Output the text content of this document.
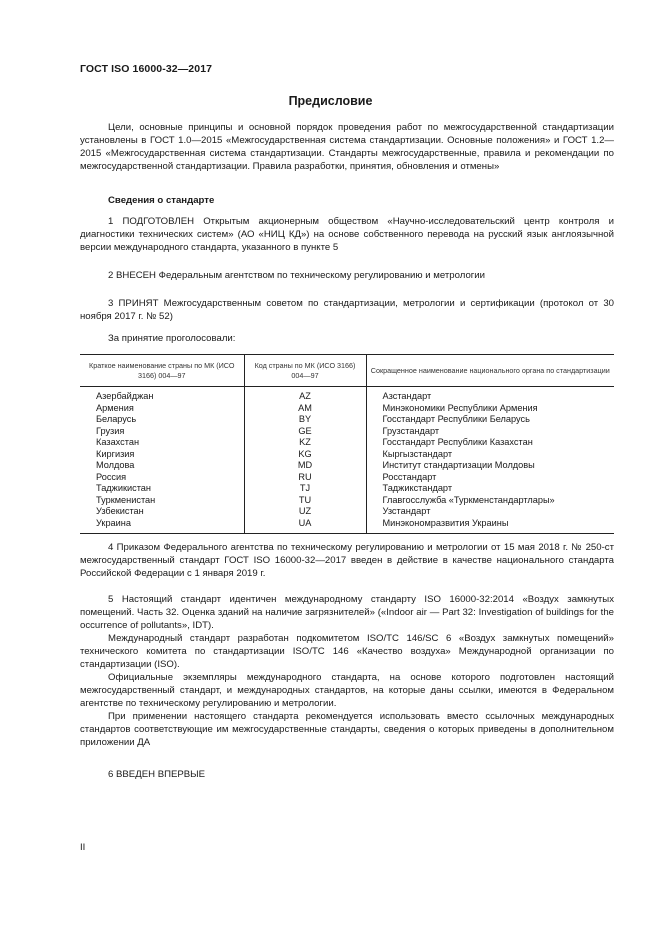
ГОСТ ISO 16000-32—2017
Предисловие
Цели, основные принципы и основной порядок проведения работ по межгосударственной стандартизации установлены в ГОСТ 1.0—2015 «Межгосударственная система стандартизации. Основные положения» и ГОСТ 1.2—2015 «Межгосударственная система стандартизации. Стандарты межгосударственные, правила и рекомендации по межгосударственной стандартизации. Правила разработки, принятия, обновления и отмены»
Сведения о стандарте
1 ПОДГОТОВЛЕН Открытым акционерным обществом «Научно-исследовательский центр контроля и диагностики технических систем» (АО «НИЦ КД») на основе собственного перевода на русский язык англоязычной версии международного стандарта, указанного в пункте 5
2 ВНЕСЕН Федеральным агентством по техническому регулированию и метрологии
3 ПРИНЯТ Межгосударственным советом по стандартизации, метрологии и сертификации (протокол от 30 ноября 2017 г. № 52)
За принятие проголосовали:
Краткое наименование страны по МК (ИСО 3166) 004—97	Код страны по МК (ИСО 3166) 004—97	Сокращенное наименование национального органа по стандартизации
Азербайджан	AZ	Азстандарт
Армения	AM	Минэкономики Республики Армения
Беларусь	BY	Госстандарт Республики Беларусь
Грузия	GE	Грузстандарт
Казахстан	KZ	Госстандарт Республики Казахстан
Киргизия	KG	Кыргызстандарт
Молдова	MD	Институт стандартизации Молдовы
Россия	RU	Росстандарт
Таджикистан	TJ	Таджикстандарт
Туркменистан	TU	Главгосслужба «Туркменстандартлары»
Узбекистан	UZ	Узстандарт
Украина	UA	Минэкономразвития Украины
4 Приказом Федерального агентства по техническому регулированию и метрологии от 15 мая 2018 г. № 250-ст межгосударственный стандарт ГОСТ ISO 16000-32—2017 введен в действие в качестве национального стандарта Российской Федерации с 1 января 2019 г.
5 Настоящий стандарт идентичен международному стандарту ISO 16000-32:2014 «Воздух замкнутых помещений. Часть 32. Оценка зданий на наличие загрязнителей» («Indoor air — Part 32: Investigation of buildings for the occurrence of pollutants», IDT).
Международный стандарт разработан подкомитетом ISO/TC 146/SC 6 «Воздух замкнутых помещений» технического комитета по стандартизации ISO/TC 146 «Качество воздуха» Международной организации по стандартизации (ISO).
Официальные экземпляры международного стандарта, на основе которого подготовлен настоящий межгосударственный стандарт, и международных стандартов, на которые даны ссылки, имеются в Федеральном агентстве по техническому регулированию и метрологии.
При применении настоящего стандарта рекомендуется использовать вместо ссылочных международных стандартов соответствующие им межгосударственные стандарты, сведения о которых приведены в дополнительном приложении ДА
6 ВВЕДЕН ВПЕРВЫЕ
II
